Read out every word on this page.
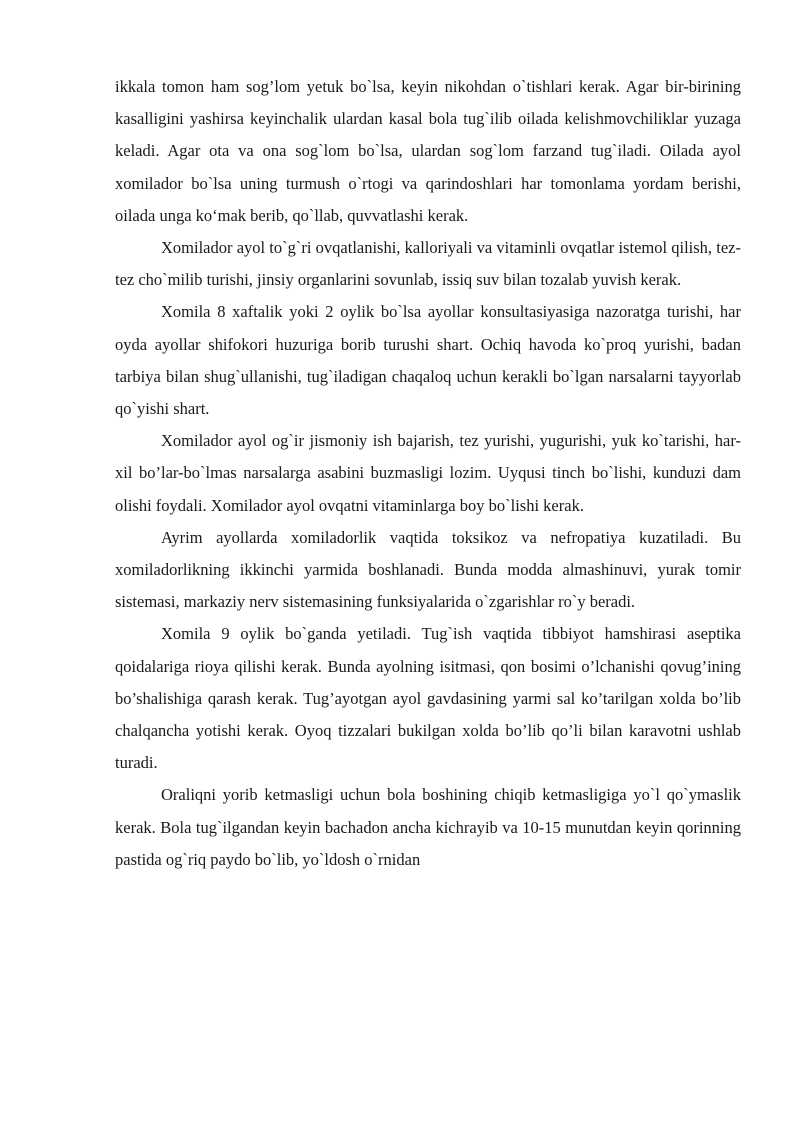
ikkala tomon ham sog’lom yetuk bo`lsa, keyin nikohdan o`tishlari kerak. Agar bir-birining kasalligini yashirsa keyinchalik ulardan kasal bola tug`ilib oilada kelishmovchiliklar yuzaga keladi. Agar ota va ona sog`lom bo`lsa, ulardan sog`lom farzand tug`iladi. Oilada ayol xomilador bo`lsa uning turmush o`rtogi va qarindoshlari har tomonlama yordam berishi, oilada unga ko‘mak berib, qo`llab, quvvatlashi kerak.

Xomilador ayol to`g`ri ovqatlanishi, kalloriyali va vitaminli ovqatlar istemol qilish, tez-tez cho`milib turishi, jinsiy organlarini sovunlab, issiq suv bilan tozalab yuvish kerak.

Xomila 8 xaftalik yoki 2 oylik bo`lsa ayollar konsultasiyasiga nazoratga turishi, har oyda ayollar shifokori huzuriga borib turushi shart. Ochiq havoda ko`proq yurishi, badan tarbiya bilan shug`ullanishi, tug`iladigan chaqaloq uchun kerakli bo`lgan narsalarni tayyorlab qo`yishi shart.

Xomilador ayol og`ir jismoniy ish bajarish, tez yurishi, yugurishi, yuk ko`tarishi, har-xil bo’lar-bo`lmas narsalarga asabini buzmasligi lozim. Uyqusi tinch bo`lishi, kunduzi dam olishi foydali. Xomilador ayol ovqatni vitaminlarga boy bo`lishi kerak.

Ayrim ayollarda xomiladorlik vaqtida toksikoz va nefropatiya kuzatiladi. Bu xomiladorlikning ikkinchi yarmida boshlanadi. Bunda modda almashinuvi, yurak tomir sistemasi, markaziy nerv sistemasining funksiyalarida o`zgarishlar ro`y beradi.

Xomila 9 oylik bo`ganda yetiladi. Tug`ish vaqtida tibbiyot hamshirasi aseptika qoidalariga rioya qilishi kerak. Bunda ayolning isitmasi, qon bosimi o’lchanishi qovug’ining bo’shalishiga qarash kerak. Tug’ayotgan ayol gavdasining yarmi sal ko’tarilgan xolda bo’lib chalqancha yotishi kerak. Oyoq tizzalari bukilgan xolda bo’lib qo’li bilan karavotni ushlab turadi.

Oraliqni yorib ketmasligi uchun bola boshining chiqib ketmasligiga yo`l qo`ymaslik kerak. Bola tug`ilgandan keyin bachadon ancha kichrayib va 10-15 munutdan keyin qorinning pastida og`riq paydo bo`lib, yo`ldosh o`rnidan
